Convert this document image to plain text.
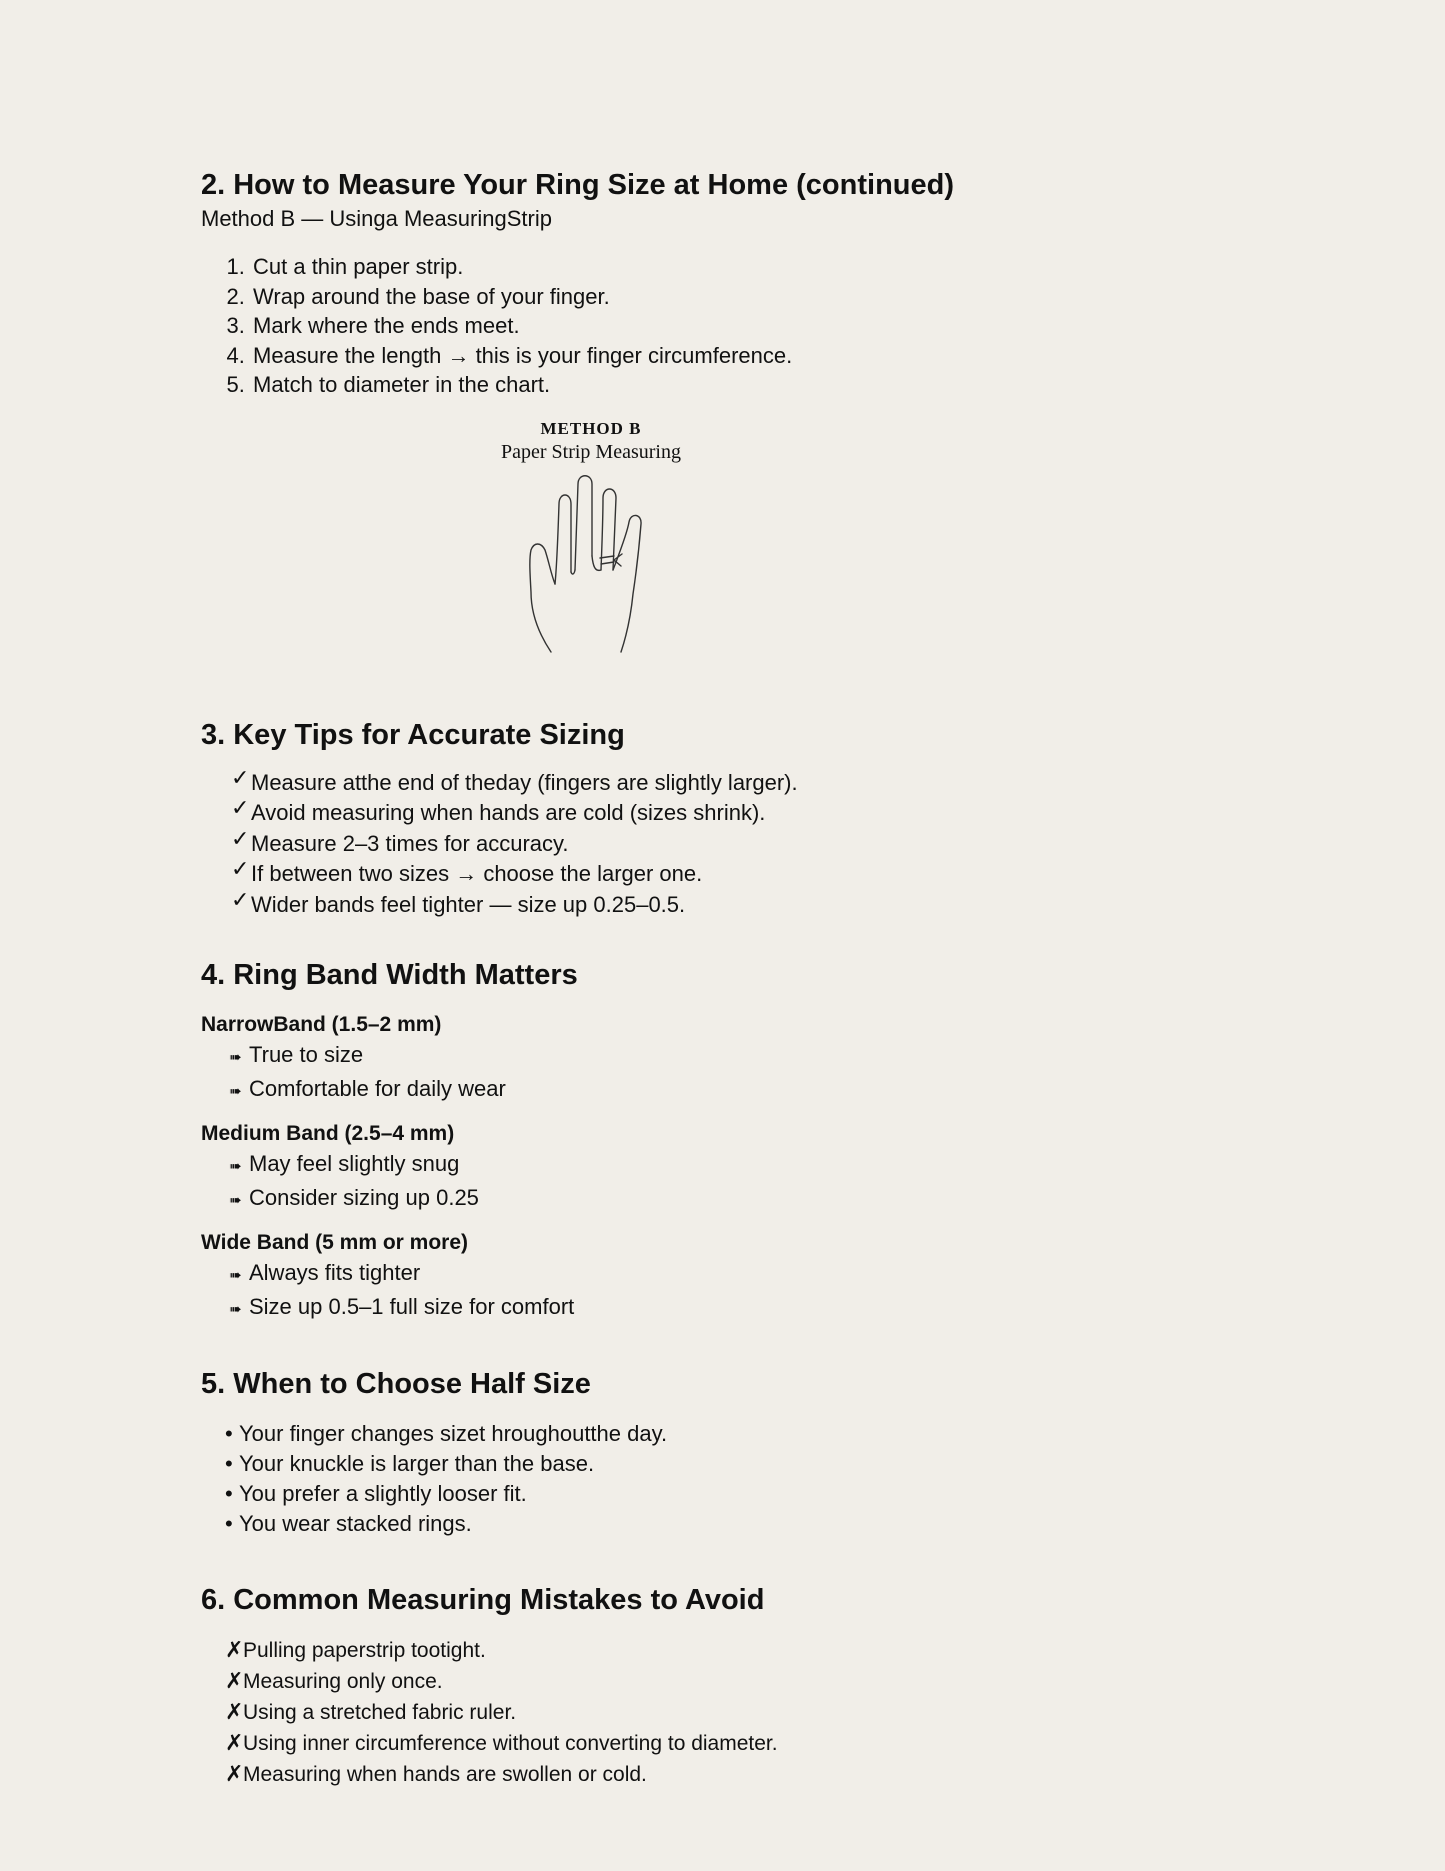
2. How to Measure Your Ring Size at Home (continued)

Method B — Usinga MeasuringStrip

1. Cut a thin paper strip.
2. Wrap around the base of your finger.
3. Mark where the ends meet.
4. Measure the length → this is your finger circumference.
5. Match to diameter in the chart.
METHOD B
Paper Strip Measuring
3. Key Tips for Accurate Sizing
✓ Measure atthe end of theday (fingers are slightly larger).
✓ Avoid measuring when hands are cold (sizes shrink).
✓ Measure 2–3 times for accuracy.
✓ If between two sizes → choose the larger one.
✓ Wider bands feel tighter — size up 0.25–0.5.
4. Ring Band Width Matters
NarrowBand (1.5–2 mm)
➠ True to size
➠ Comfortable for daily wear
Medium Band (2.5–4 mm)
➠ May feel slightly snug
➠ Consider sizing up 0.25
Wide Band (5 mm or more)
➠ Always fits tighter
➠ Size up 0.5–1 full size for comfort
5. When to Choose Half Size
• Your finger changes sizet hroughoutthe day.
• Your knuckle is larger than the base.
• You prefer a slightly looser fit.
• You wear stacked rings.
6. Common Measuring Mistakes to Avoid
✗Pulling paperstrip tootight.
✗Measuring only once.
✗Using a stretched fabric ruler.
✗Using inner circumference without converting to diameter.
✗Measuring when hands are swollen or cold.
